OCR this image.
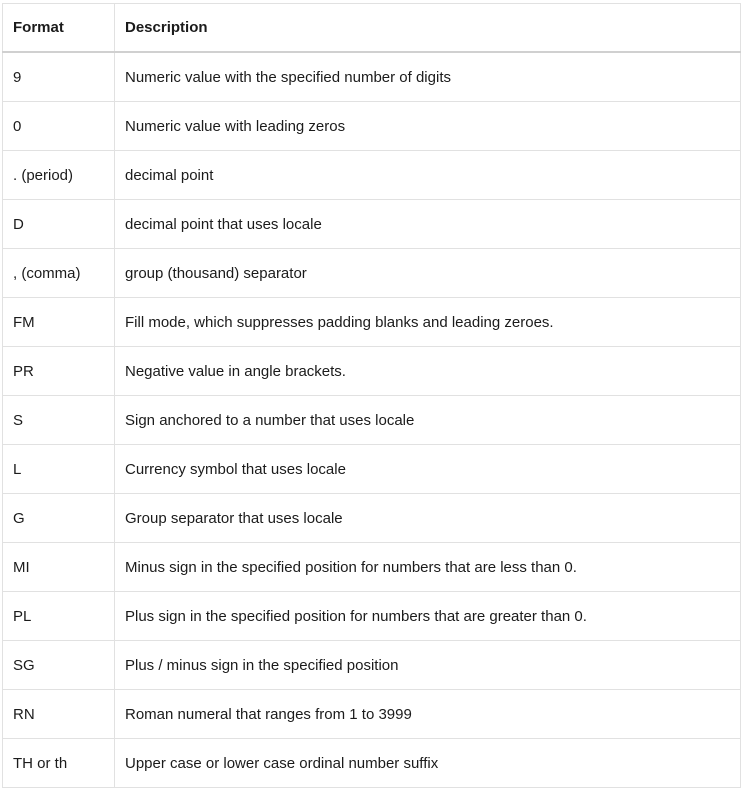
Format	Description
9	Numeric value with the specified number of digits
0	Numeric value with leading zeros
. (period)	decimal point
D	decimal point that uses locale
, (comma)	group (thousand) separator
FM	Fill mode, which suppresses padding blanks and leading zeroes.
PR	Negative value in angle brackets.
S	Sign anchored to a number that uses locale
L	Currency symbol that uses locale
G	Group separator that uses locale
MI	Minus sign in the specified position for numbers that are less than 0.
PL	Plus sign in the specified position for numbers that are greater than 0.
SG	Plus / minus sign in the specified position
RN	Roman numeral that ranges from 1 to 3999
TH or th	Upper case or lower case ordinal number suffix
